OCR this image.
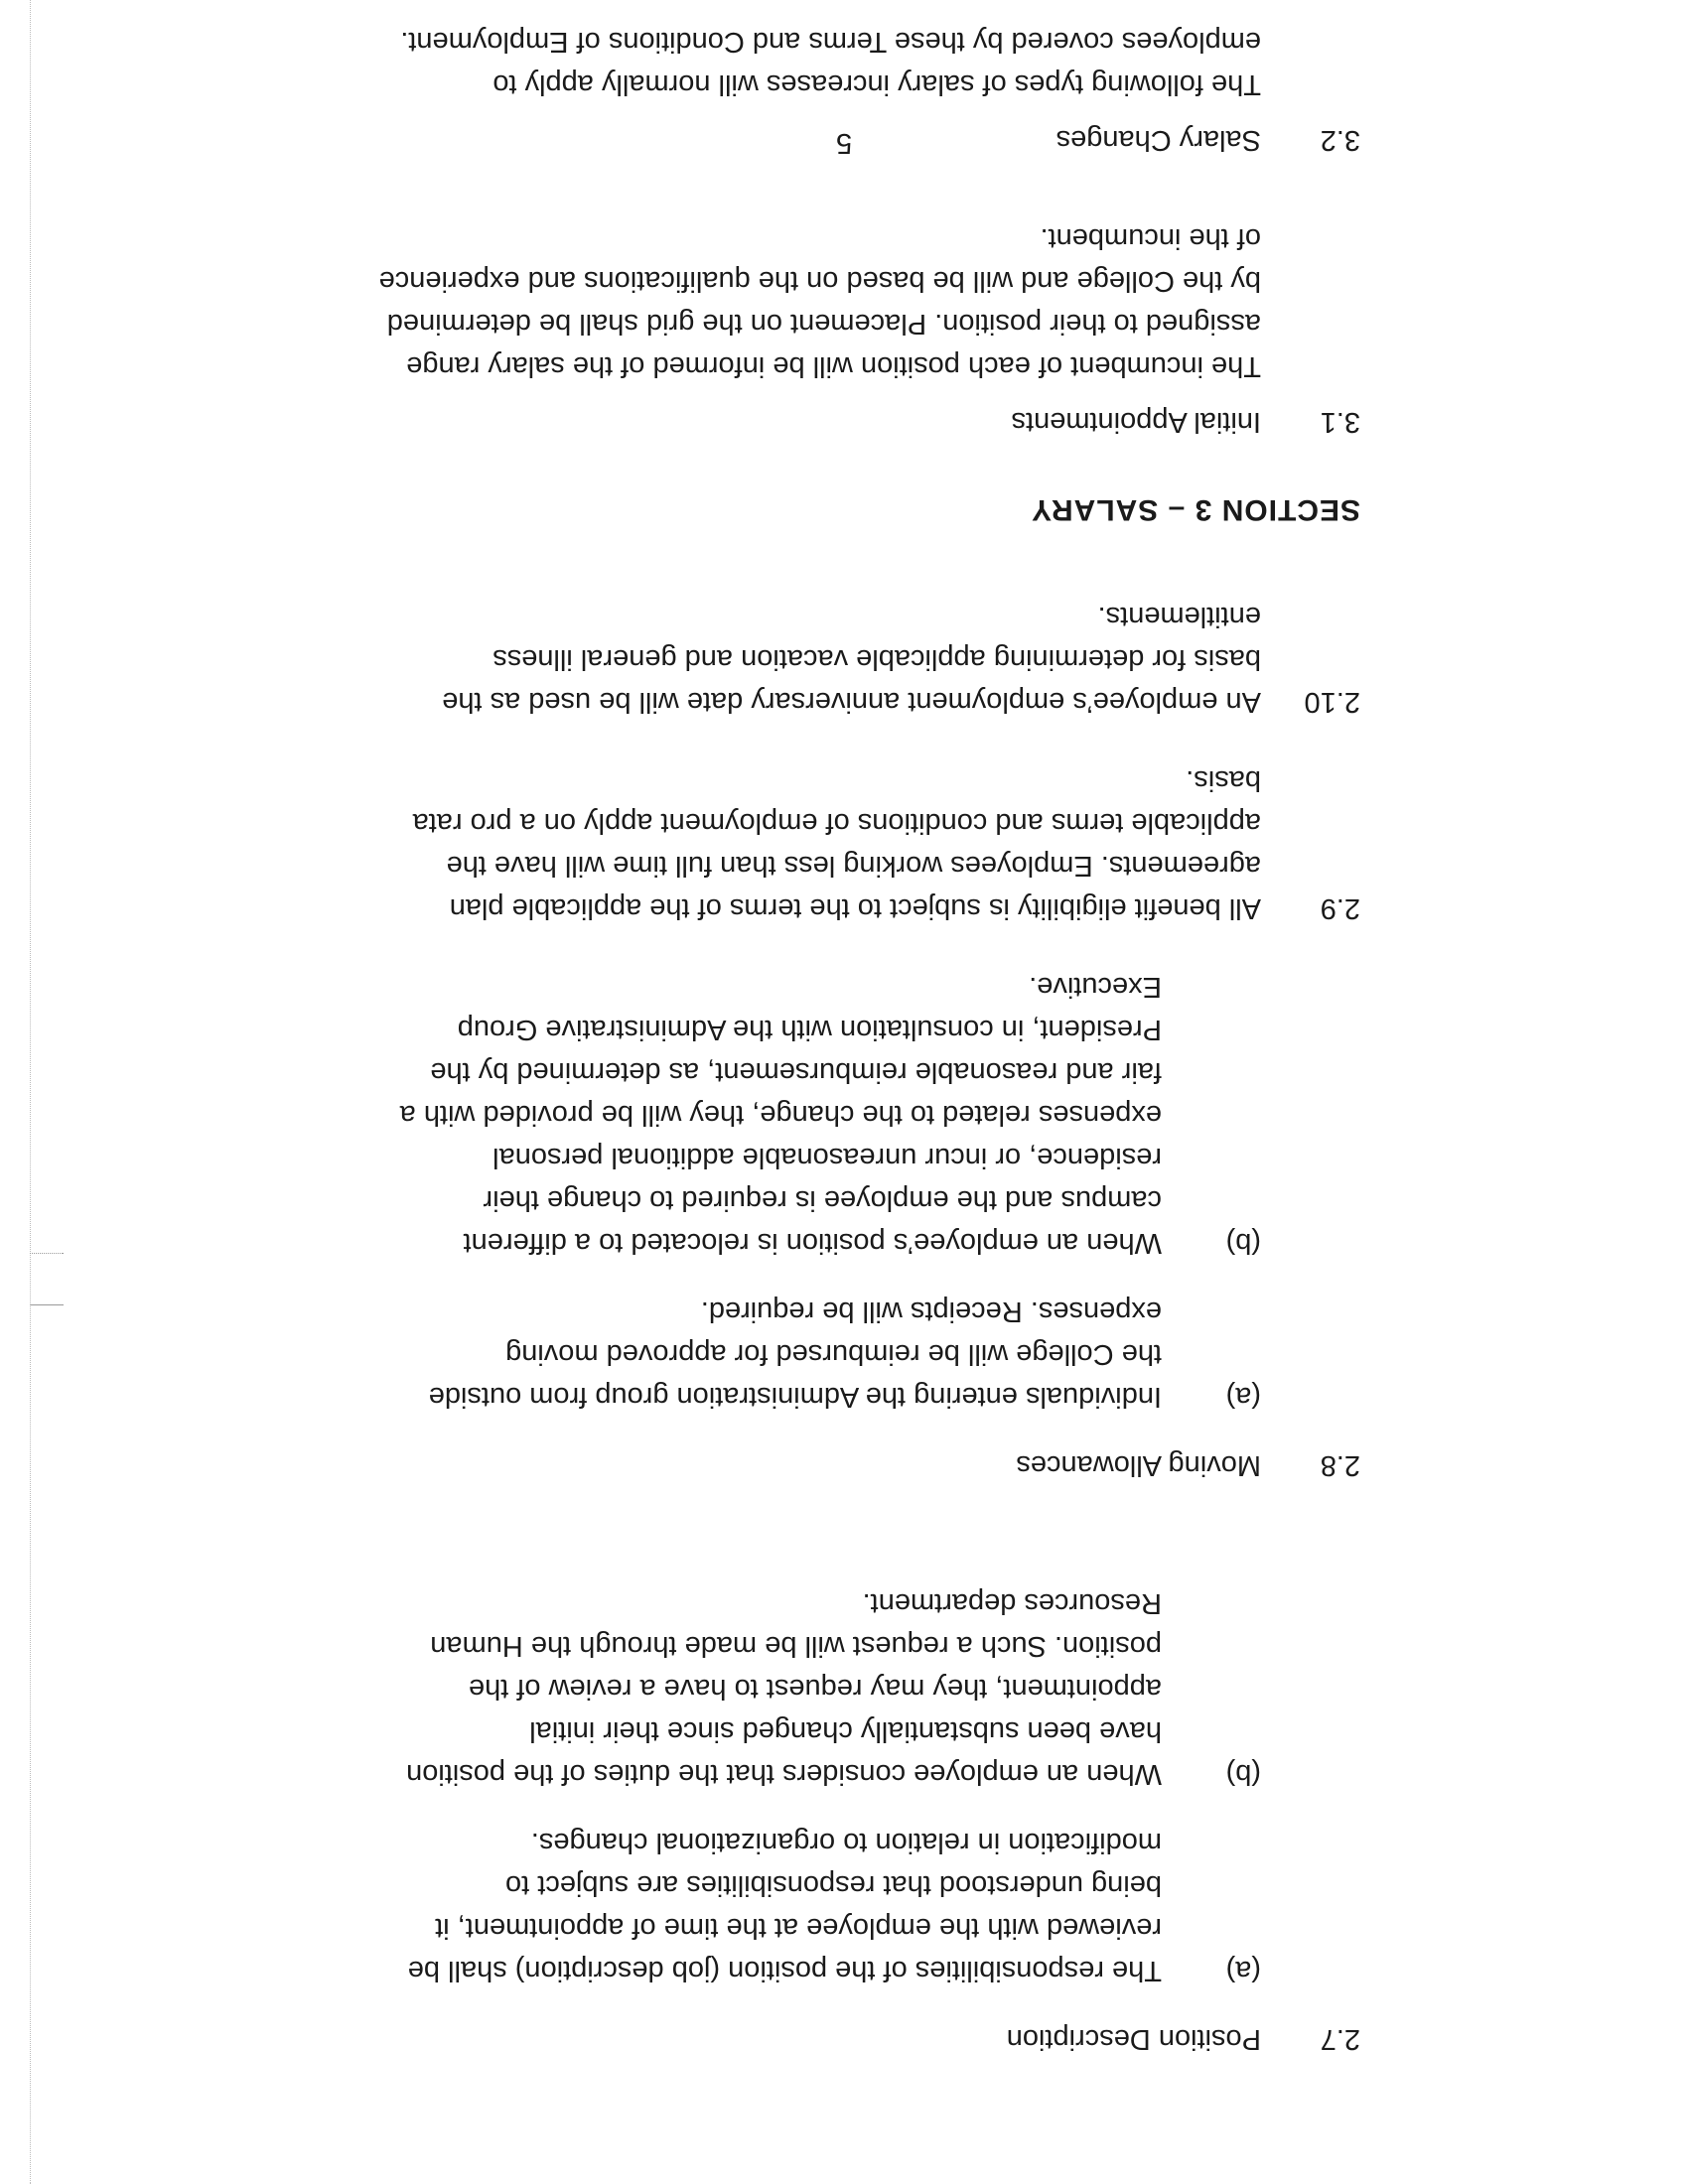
2.7
Position Description
(a)
The responsibilities of the position (job description) shall be reviewed with the employee at the time of appointment, it being understood that responsibilities are subject to modification in relation to organizational changes.
(b)
When an employee considers that the duties of the position have been substantially changed since their initial appointment, they may request to have a review of the position. Such a request will be made through the Human Resources department.
2.8
Moving Allowances
(a)
Individuals entering the Administration group from outside the College will be reimbursed for approved moving expenses. Receipts will be required.
(b)
When an employee’s position is relocated to a different campus and the employee is required to change their residence, or incur unreasonable additional personal expenses related to the change, they will be provided with a fair and reasonable reimbursement, as determined by the President, in consultation with the Administrative Group Executive.
2.9
All benefit eligibility is subject to the terms of the applicable plan agreements. Employees working less than full time will have the applicable terms and conditions of employment apply on a pro rata basis.
2.10
An employee’s employment anniversary date will be used as the basis for determining applicable vacation and general illness entitlements.
SECTION 3 – SALARY
3.1
Initial Appointments
The incumbent of each position will be informed of the salary range assigned to their position. Placement on the grid shall be determined by the College and will be based on the qualifications and experience of the incumbent.
3.2
Salary Changes
The following types of salary increases will normally apply to employees covered by these Terms and Conditions of Employment.
5
